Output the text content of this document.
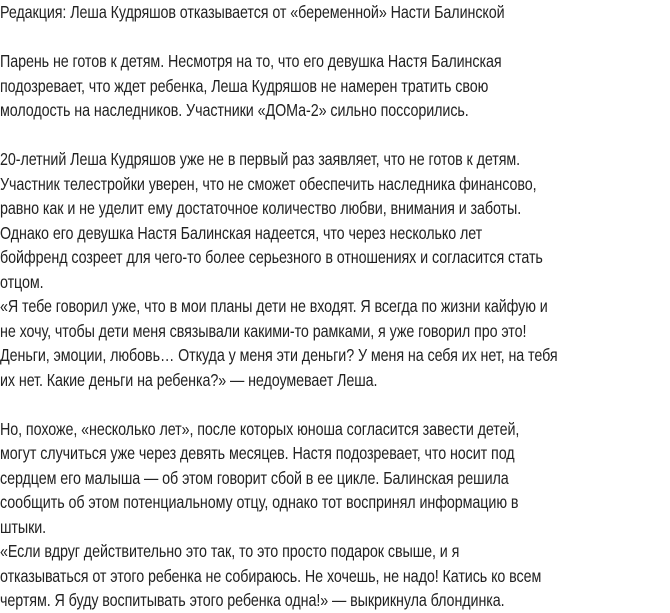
Редакция: Леша Кудряшов отказывается от «беременной» Насти Балинской
Парень не готов к детям. Несмотря на то, что его девушка Настя Балинская
подозревает, что ждет ребенка, Леша Кудряшов не намерен тратить свою
молодость на наследников. Участники «ДОМа-2» сильно поссорились.
20-летний Леша Кудряшов уже не в первый раз заявляет, что не готов к детям.
Участник телестройки уверен, что не сможет обеспечить наследника финансово,
равно как и не уделит ему достаточное количество любви, внимания и заботы.
Однако его девушка Настя Балинская надеется, что через несколько лет
бойфренд созреет для чего-то более серьезного в отношениях и согласится стать
отцом.
«Я тебе говорил уже, что в мои планы дети не входят. Я всегда по жизни кайфую и
не хочу, чтобы дети меня связывали какими-то рамками, я уже говорил про это!
Деньги, эмоции, любовь… Откуда у меня эти деньги? У меня на себя их нет, на тебя
их нет. Какие деньги на ребенка?» — недоумевает Леша.
Но, похоже, «несколько лет», после которых юноша согласится завести детей,
могут случиться уже через девять месяцев. Настя подозревает, что носит под
сердцем его малыша — об этом говорит сбой в ее цикле. Балинская решила
сообщить об этом потенциальному отцу, однако тот воспринял информацию в
штыки.
«Если вдруг действительно это так, то это просто подарок свыше, и я
отказываться от этого ребенка не собираюсь. Не хочешь, не надо! Катись ко всем
чертям. Я буду воспитывать этого ребенка одна!» — выкрикнула блондинка.
